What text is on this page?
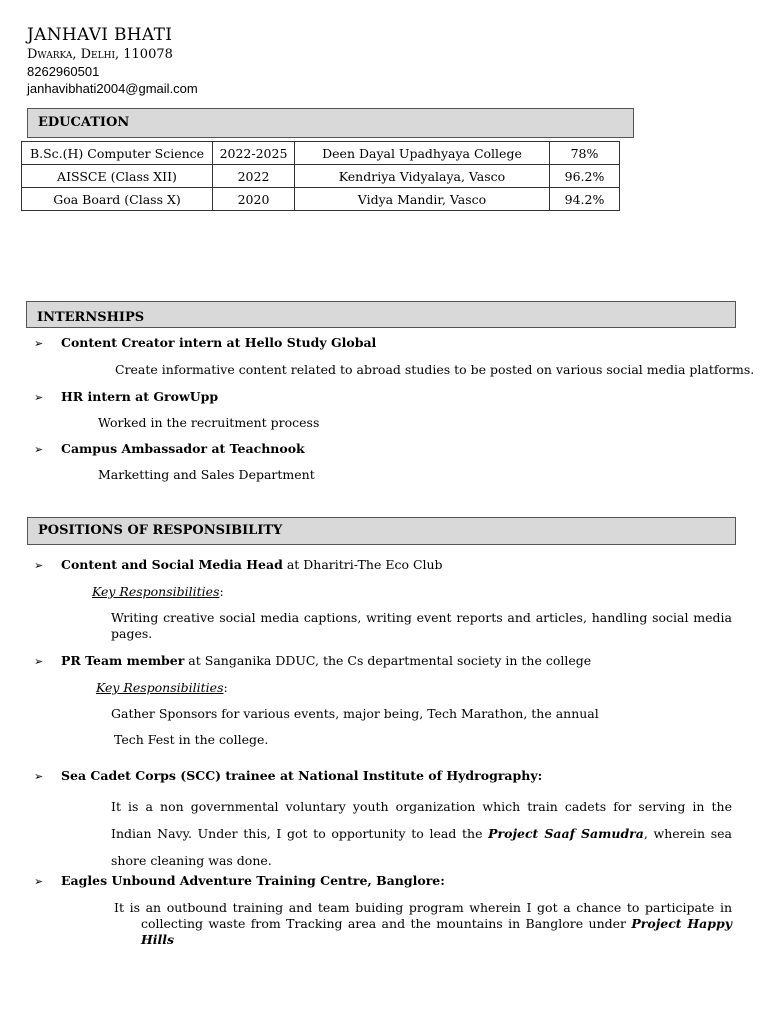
JANHAVI BHATI
Dwarka, Delhi, 110078
8262960501
janhavibhati2004@gmail.com
EDUCATION
B.Sc.(H) Computer Science	2022-2025	Deen Dayal Upadhyaya College	78%
AISSCE (Class XII)	2022	Kendriya Vidyalaya, Vasco	96.2%
Goa Board (Class X)	2020	Vidya Mandir, Vasco	94.2%
INTERNSHIPS
➢ Content Creator intern at Hello Study Global
Create informative content related to abroad studies to be posted on various social media platforms.
➢ HR intern at GrowUpp
Worked in the recruitment process
➢ Campus Ambassador at Teachnook
Marketting and Sales Department
POSITIONS OF RESPONSIBILITY
➢ Content and Social Media Head at Dharitri-The Eco Club
Key Responsibilities:
Writing creative social media captions, writing event reports and articles, handling social media pages.
➢ PR Team member at Sanganika DDUC, the Cs departmental society in the college
Key Responsibilities:
Gather Sponsors for various events, major being, Tech Marathon, the annual
Tech Fest in the college.
➢ Sea Cadet Corps (SCC) trainee at National Institute of Hydrography:
It is a non governmental voluntary youth organization which train cadets for serving in the Indian Navy. Under this, I got to opportunity to lead the Project Saaf Samudra, wherein sea shore cleaning was done.
➢ Eagles Unbound Adventure Training Centre, Banglore:
It is an outbound training and team buiding program wherein I got a chance to participate in collecting waste from Tracking area and the mountains in Banglore under Project Happy Hills
